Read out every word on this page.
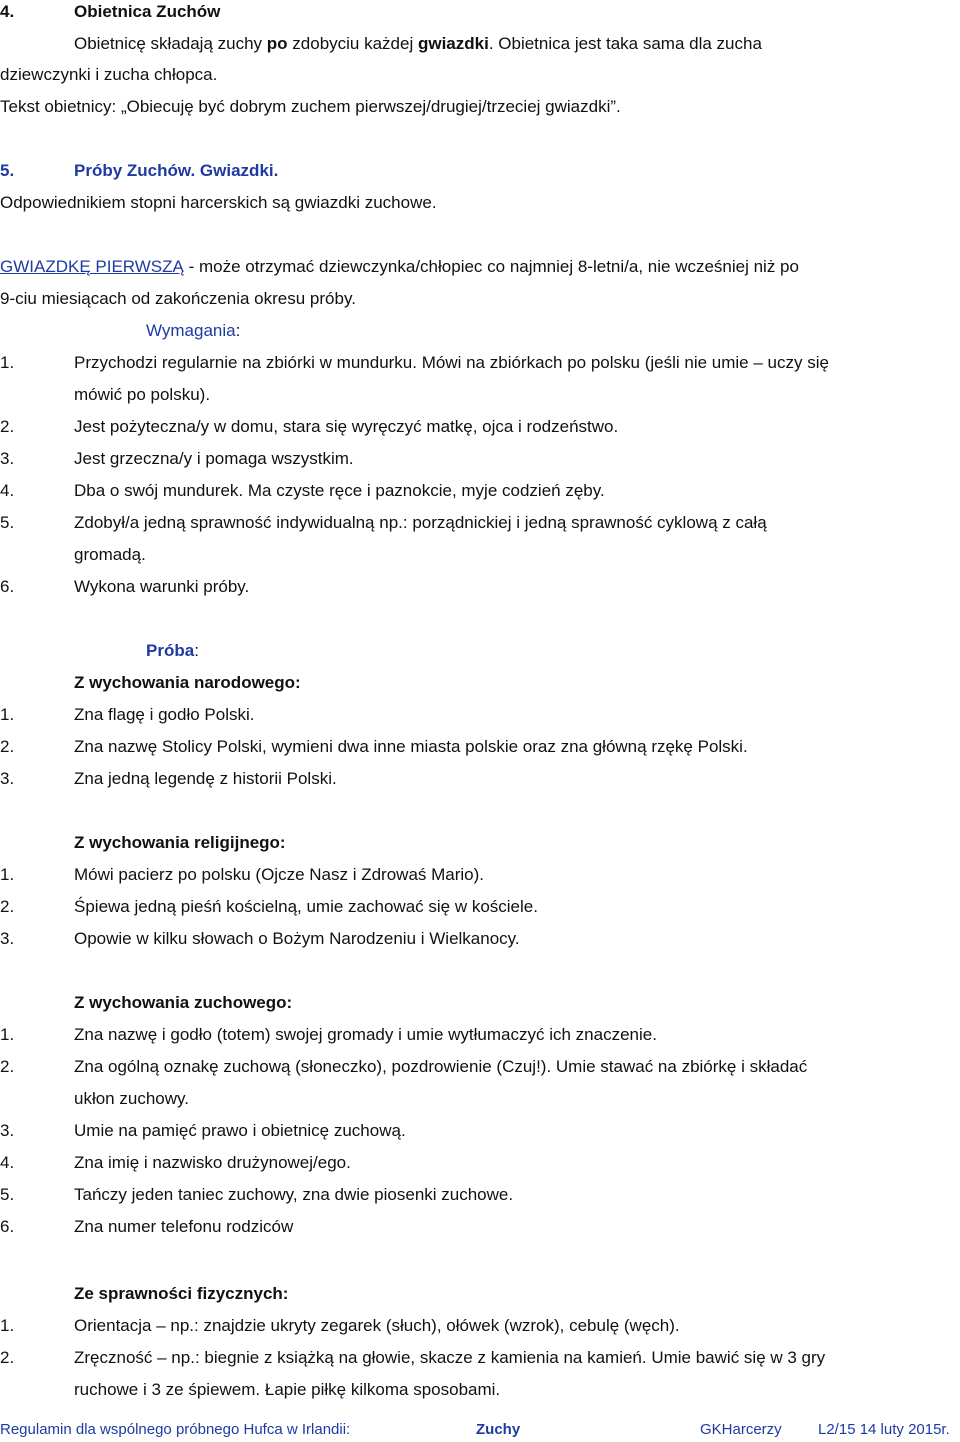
4.	Obietnica Zuchów
Obietnicę składają zuchy po zdobyciu każdej gwiazdki. Obietnica jest taka sama dla zucha
dziewczynki i zucha chłopca.
Tekst obietnicy: „Obiecuję być dobrym zuchem pierwszej/drugiej/trzeciej gwiazdki”.
5.	Próby Zuchów. Gwiazdki.
Odpowiednikiem stopni harcerskich są gwiazdki zuchowe.
GWIAZDKĘ PIERWSZĄ - może otrzymać dziewczynka/chłopiec co najmniej 8-letni/a, nie wcześniej niż po
9-ciu miesiącach od zakończenia okresu próby.
Wymagania:
1.	Przychodzi regularnie na zbiórki w mundurku. Mówi na zbiórkach po polsku (jeśli nie umie – uczy się
mówić po polsku).
2.	Jest pożyteczna/y w domu, stara się wyręczyć matkę, ojca i rodzeństwo.
3.	Jest grzeczna/y i pomaga wszystkim.
4.	Dba o swój mundurek. Ma czyste ręce i paznokcie, myje codzień zęby.
5.	Zdobył/a jedną sprawność indywidualną np.: porządnickiej i jedną sprawność cyklową z całą
gromadą.
6.	Wykona warunki próby.
Próba:
Z wychowania narodowego:
1.	Zna flagę i godło Polski.
2.	Zna nazwę Stolicy Polski, wymieni dwa inne miasta polskie oraz zna główną rzękę Polski.
3.	Zna jedną legendę z historii Polski.
Z wychowania religijnego:
1.	Mówi pacierz po polsku (Ojcze Nasz i Zdrowaś Mario).
2.	Śpiewa jedną pieśń kościelną, umie zachować się w kościele.
3.	Opowie w kilku słowach o Bożym Narodzeniu i Wielkanocy.
Z wychowania zuchowego:
1.	Zna nazwę i godło (totem) swojej gromady i umie wytłumaczyć ich znaczenie.
2.	Zna ogólną oznakę zuchową (słoneczko), pozdrowienie (Czuj!). Umie stawać na zbiórkę i składać
ukłon zuchowy.
3.	Umie na pamięć prawo i obietnicę zuchową.
4.	Zna imię i nazwisko drużynowej/ego.
5.	Tańczy jeden taniec zuchowy, zna dwie piosenki zuchowe.
6.	Zna numer telefonu rodziców
Ze sprawności fizycznych:
1.	Orientacja – np.: znajdzie ukryty zegarek (słuch), ołówek (wzrok), cebulę (węch).
2.	Zręczność – np.: biegnie z książką na głowie, skacze z kamienia na kamień. Umie bawić się w 3 gry
ruchowe i 3 ze śpiewem. Łapie piłkę kilkoma sposobami.
Regulamin dla wspólnego próbnego Hufca w Irlandii:	Zuchy	GKHarcerzy L2/15 14 luty 2015r.
